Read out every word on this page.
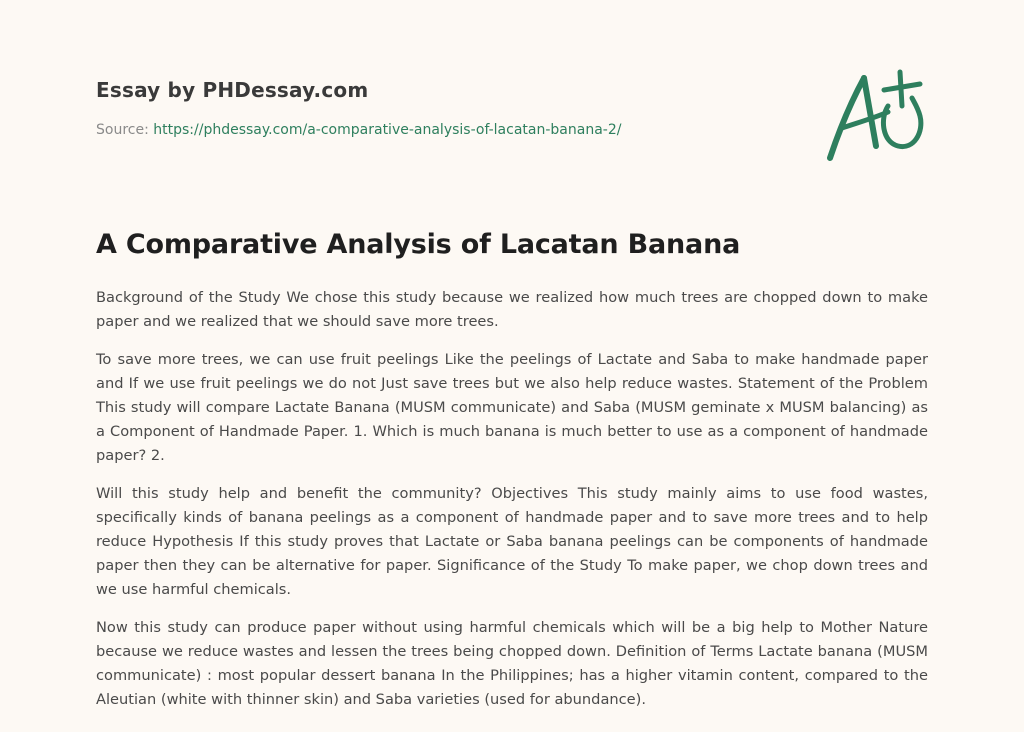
Essay by PHDessay.com
Source: https://phdessay.com/a-comparative-analysis-of-lacatan-banana-2/
A Comparative Analysis of Lacatan Banana

Background of the Study We chose this study because we realized how much trees are chopped down to make paper and we realized that we should save more trees.

To save more trees, we can use fruit peelings Like the peelings of Lactate and Saba to make handmade paper and If we use fruit peelings we do not Just save trees but we also help reduce wastes. Statement of the Problem This study will compare Lactate Banana (MUSM communicate) and Saba (MUSM geminate x MUSM balancing) as a Component of Handmade Paper. 1. Which is much banana is much better to use as a component of handmade paper? 2.

Will this study help and benefit the community? Objectives This study mainly aims to use food wastes, specifically kinds of banana peelings as a component of handmade paper and to save more trees and to help reduce Hypothesis If this study proves that Lactate or Saba banana peelings can be components of handmade paper then they can be alternative for paper. Significance of the Study To make paper, we chop down trees and we use harmful chemicals.

Now this study can produce paper without using harmful chemicals which will be a big help to Mother Nature because we reduce wastes and lessen the trees being chopped down. Definition of Terms Lactate banana (MUSM communicate) : most popular dessert banana In the Philippines; has a higher vitamin content, compared to the Aleutian (white with thinner skin) and Saba varieties (used for abundance).
